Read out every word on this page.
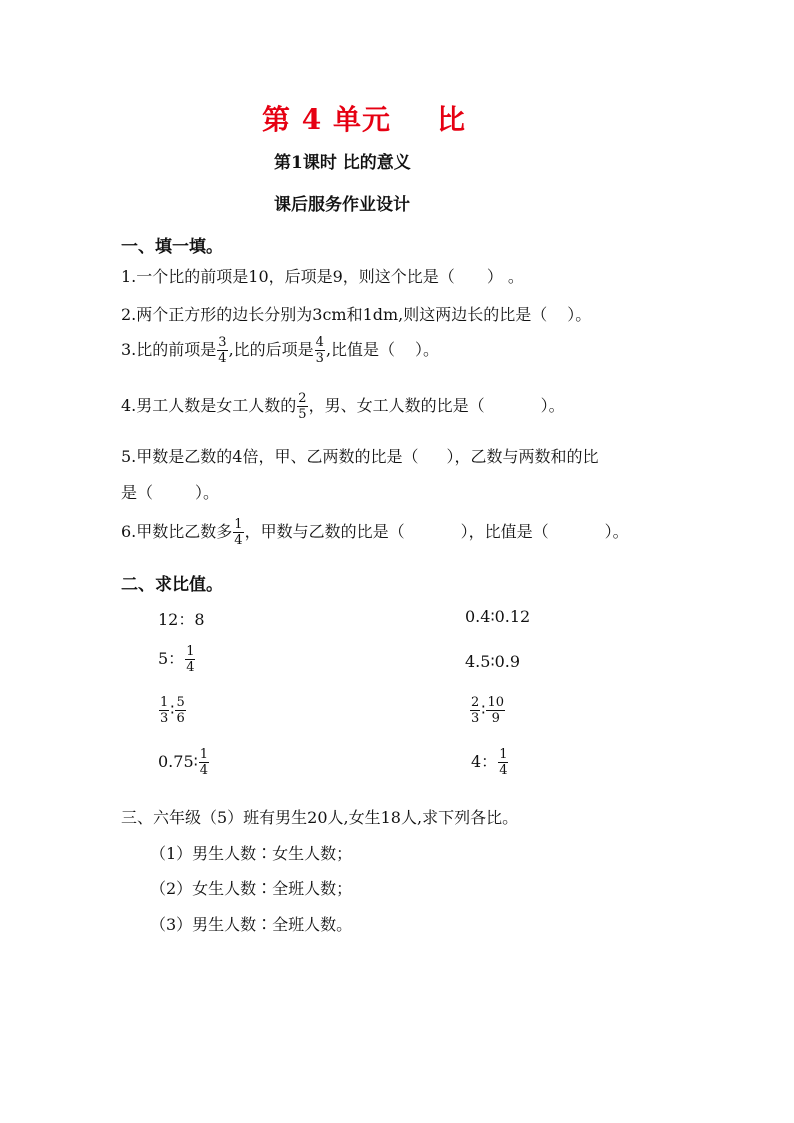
第 4 单元 比
第1课时 比的意义
课后服务作业设计
一、填一填。
1.一个比的前项是10，后项是9，则这个比是（ ） 。
2.两个正方形的边长分别为3cm和1dm,则这两边长的比是（ ）。
3.比的前项是 $\frac{3}{4}$ ,比的后项是 $\frac{4}{3}$ ,比值是（ ）。
4.男工人数是女工人数的 $\frac{2}{5}$ ，男、女工人数的比是（	）。
5.甲数是乙数的4倍，甲、乙两数的比是（ ），乙数与两数和的比
是（	）。
6.甲数比乙数多 $\frac{1}{4}$ ，甲数与乙数的比是（	），比值是（	）。
二、求比值。
12：8	0.4∶0.12
5： $\frac{1}{4}$	4.5∶0.9
$\frac{1}{3}$ ∶ $\frac{5}{6}$	$\frac{2}{3}$ ∶ $\frac{10}{9}$
0.75∶ $\frac{1}{4}$	4： $\frac{1}{4}$
三、六年级（5）班有男生20人,女生18人,求下列各比。
（1）男生人数∶女生人数；
（2）女生人数∶全班人数；
（3）男生人数∶全班人数。
